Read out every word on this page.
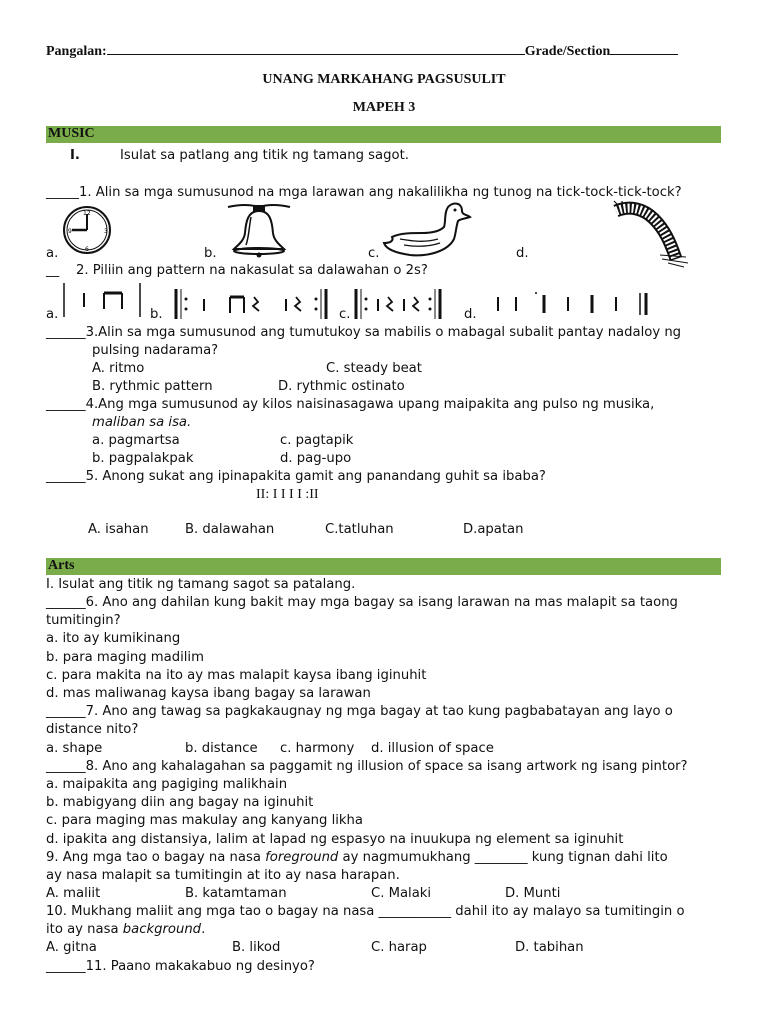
Pangalan:	Grade/Section
UNANG MARKAHANG PAGSUSULIT
MAPEH 3
MUSIC
I.	Isulat sa patlang ang titik ng tamang sagot.
_____1. Alin sa mga sumusunod na mga larawan ang nakalilikha ng tunog na tick-tock-tick-tock?
12
3
6
9
a.	b.	c.	d.
__ 2. Piliin ang pattern na nakasulat sa dalawahan o 2s?
a.	b.	c.	d.
______3.Alin sa mga sumusunod ang tumutukoy sa mabilis o mabagal subalit pantay nadaloy ng
pulsing nadarama?
A. ritmo	C. steady beat
B. rythmic pattern	D. rythmic ostinato
______4.Ang mga sumusunod ay kilos naisinasagawa upang maipakita ang pulso ng musika,
maliban sa isa.
a. pagmartsa	c. pagtapik
b. pagpalakpak	d. pag-upo
______5. Anong sukat ang ipinapakita gamit ang panandang guhit sa ibaba?
II: I I I I :II
A. isahan	B. dalawahan	C.tatluhan	D.apatan
Arts
I. Isulat ang titik ng tamang sagot sa patalang.
______6. Ano ang dahilan kung bakit may mga bagay sa isang larawan na mas malapit sa taong
tumitingin?
a. ito ay kumikinang
b. para maging madilim
c. para makita na ito ay mas malapit kaysa ibang iginuhit
d. mas maliwanag kaysa ibang bagay sa larawan
______7. Ano ang tawag sa pagkakaugnay ng mga bagay at tao kung pagbabatayan ang layo o
distance nito?
a. shape	b. distance c. harmony d. illusion of space
______8. Ano ang kahalagahan sa paggamit ng illusion of space sa isang artwork ng isang pintor?
a. maipakita ang pagiging malikhain
b. mabigyang diin ang bagay na iginuhit
c. para maging mas makulay ang kanyang likha
d. ipakita ang distansiya, lalim at lapad ng espasyo na inuukupa ng element sa iginuhit
9. Ang mga tao o bagay na nasa foreground ay nagmumukhang ________ kung tignan dahi lito
ay nasa malapit sa tumitingin at ito ay nasa harapan.
A. maliit	B. katamtaman	C. Malaki	D. Munti
10. Mukhang maliit ang mga tao o bagay na nasa ___________ dahil ito ay malayo sa tumitingin o
ito ay nasa background.
A. gitna	B. likod	C. harap	D. tabihan
______11. Paano makakabuo ng desinyo?
